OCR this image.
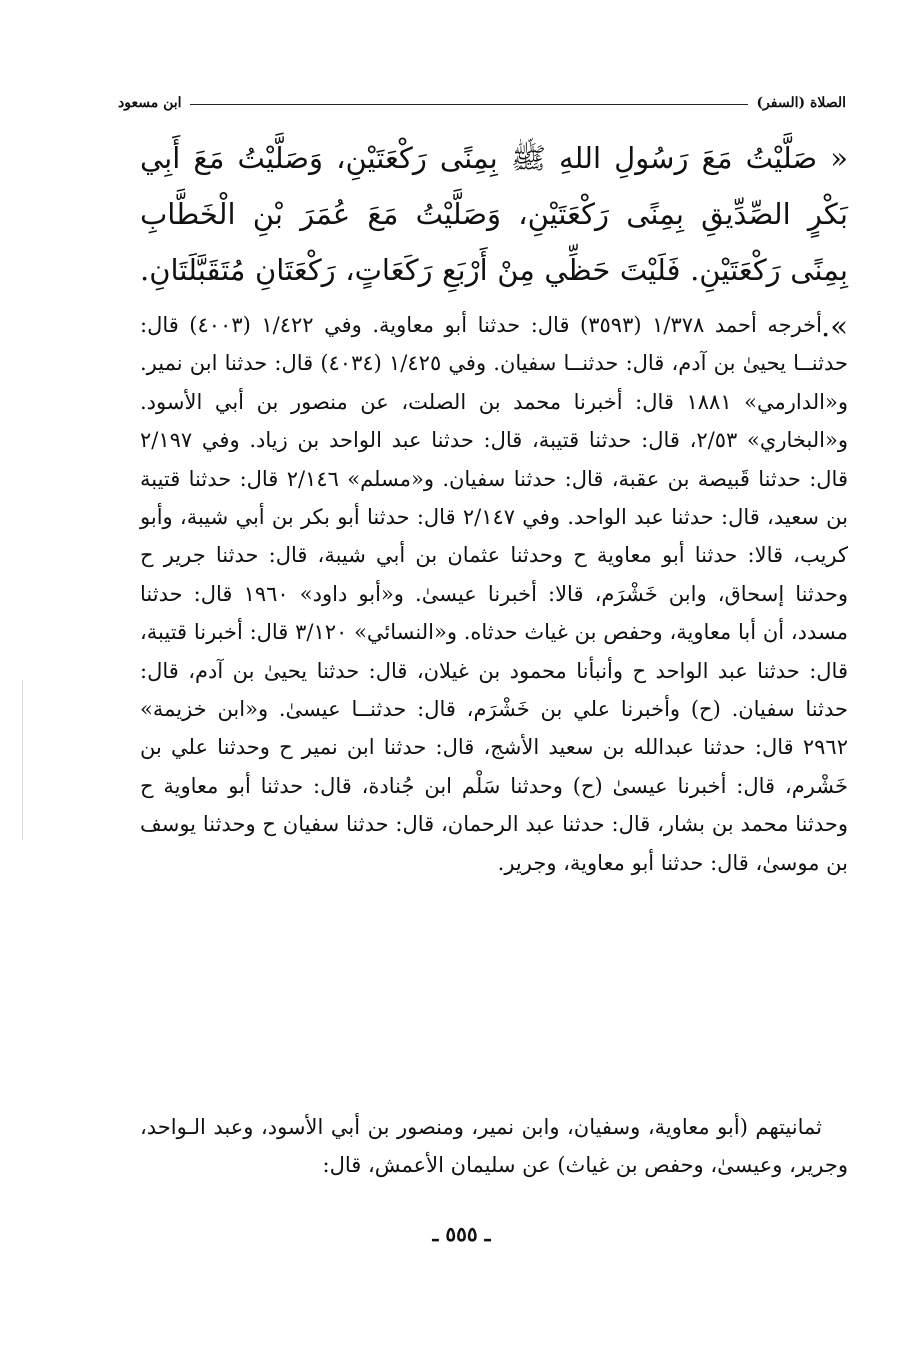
الصلاة (السفر)
ابن مسعود
« صَلَّيْتُ مَعَ رَسُولِ اللهِ ﷺ بِمِنًى رَكْعَتَيْنِ، وَصَلَّيْتُ مَعَ أَبِي بَكْرٍ الصِّدِّيقِ بِمِنًى رَكْعَتَيْنِ، وَصَلَّيْتُ مَعَ عُمَرَ بْنِ الْخَطَّابِ بِمِنًى رَكْعَتَيْنِ. فَلَيْتَ حَظِّي مِنْ أَرْبَعِ رَكَعَاتٍ، رَكْعَتَانِ مُتَقَبَّلَتَانِ. ».
أخرجه أحمد ١/٣٧٨ (٣٥٩٣) قال: حدثنا أبو معاوية. وفي ١/٤٢٢ (٤٠٠٣) قال: حدثنــا يحيىٰ بن آدم، قال: حدثنــا سفيان. وفي ١/٤٢٥ (٤٠٣٤) قال: حدثنا ابن نمير. و«الدارمي» ١٨٨١ قال: أخبرنا محمد بن الصلت، عن منصور بن أبي الأسود. و«البخاري» ٢/٥٣، قال: حدثنا قتيبة، قال: حدثنا عبد الواحد بن زياد. وفي ٢/١٩٧ قال: حدثنا قَبيصة بن عقبة، قال: حدثنا سفيان. و«مسلم» ٢/١٤٦ قال: حدثنا قتيبة بن سعيد، قال: حدثنا عبد الواحد. وفي ٢/١٤٧ قال: حدثنا أبو بكر بن أبي شيبة، وأبو كريب، قالا: حدثنا أبو معاوية ح وحدثنا عثمان بن أبي شيبة، قال: حدثنا جرير ح وحدثنا إسحاق، وابن خَشْرَم، قالا: أخبرنا عيسىٰ. و«أبو داود» ١٩٦٠ قال: حدثنا مسدد، أن أبا معاوية، وحفص بن غياث حدثاه. و«النسائي» ٣/١٢٠ قال: أخبرنا قتيبة، قال: حدثنا عبد الواحد ح وأنبأنا محمود بن غيلان، قال: حدثنا يحيىٰ بن آدم، قال: حدثنا سفيان. (ح) وأخبرنا علي بن خَشْرَم، قال: حدثنــا عيسىٰ. و«ابن خزيمة» ٢٩٦٢ قال: حدثنا عبدالله بن سعيد الأشج، قال: حدثنا ابن نمير ح وحدثنا علي بن خَشْرم، قال: أخبرنا عيسىٰ (ح) وحدثنا سَلْم ابن جُنادة، قال: حدثنا أبو معاوية ح وحدثنا محمد بن بشار، قال: حدثنا عبد الرحمان، قال: حدثنا سفيان ح وحدثنا يوسف بن موسىٰ، قال: حدثنا أبو معاوية، وجرير.
ثمانيتهم (أبو معاوية، وسفيان، وابن نمير، ومنصور بن أبي الأسود، وعبد الـواحد، وجرير، وعيسىٰ، وحفص بن غياث) عن سليمان الأعمش، قال:
ـ ٥٥٥ ـ
